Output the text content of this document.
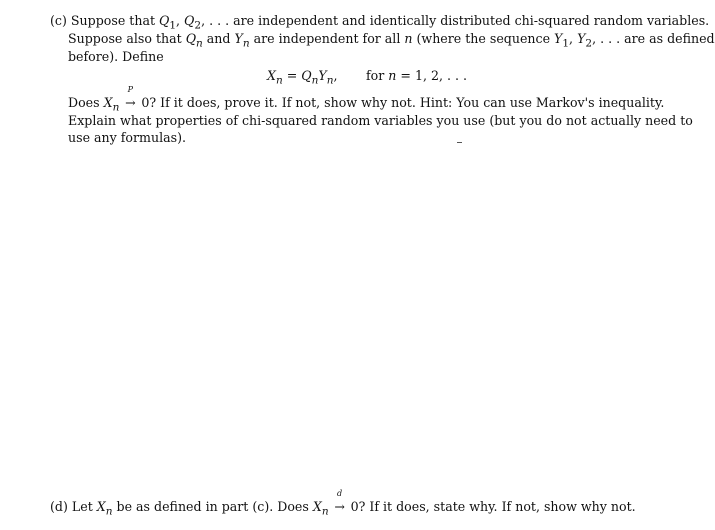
(c) Suppose that $Q_1$, $Q_2$, . . . are independent and identically distributed chi-squared random variables.
Suppose also that $Q_n$ and $Y_n$ are independent for all n (where the sequence $Y_1$, $Y_2$, . . . are as defined
before). Define
$X_n = Q_nY_n$, for n = 1, 2, . . .
Does $X_n$
P
→ 0? If it does, prove it. If not, show why not. Hint: You can use Markov's inequality.
Explain what properties of chi-squared random variables you use (but you do not actually need to
use any formulas).
(d) Let $X_n$ be as defined in part (c). Does $X_n$
d
→ 0? If it does, state why. If not, show why not.
